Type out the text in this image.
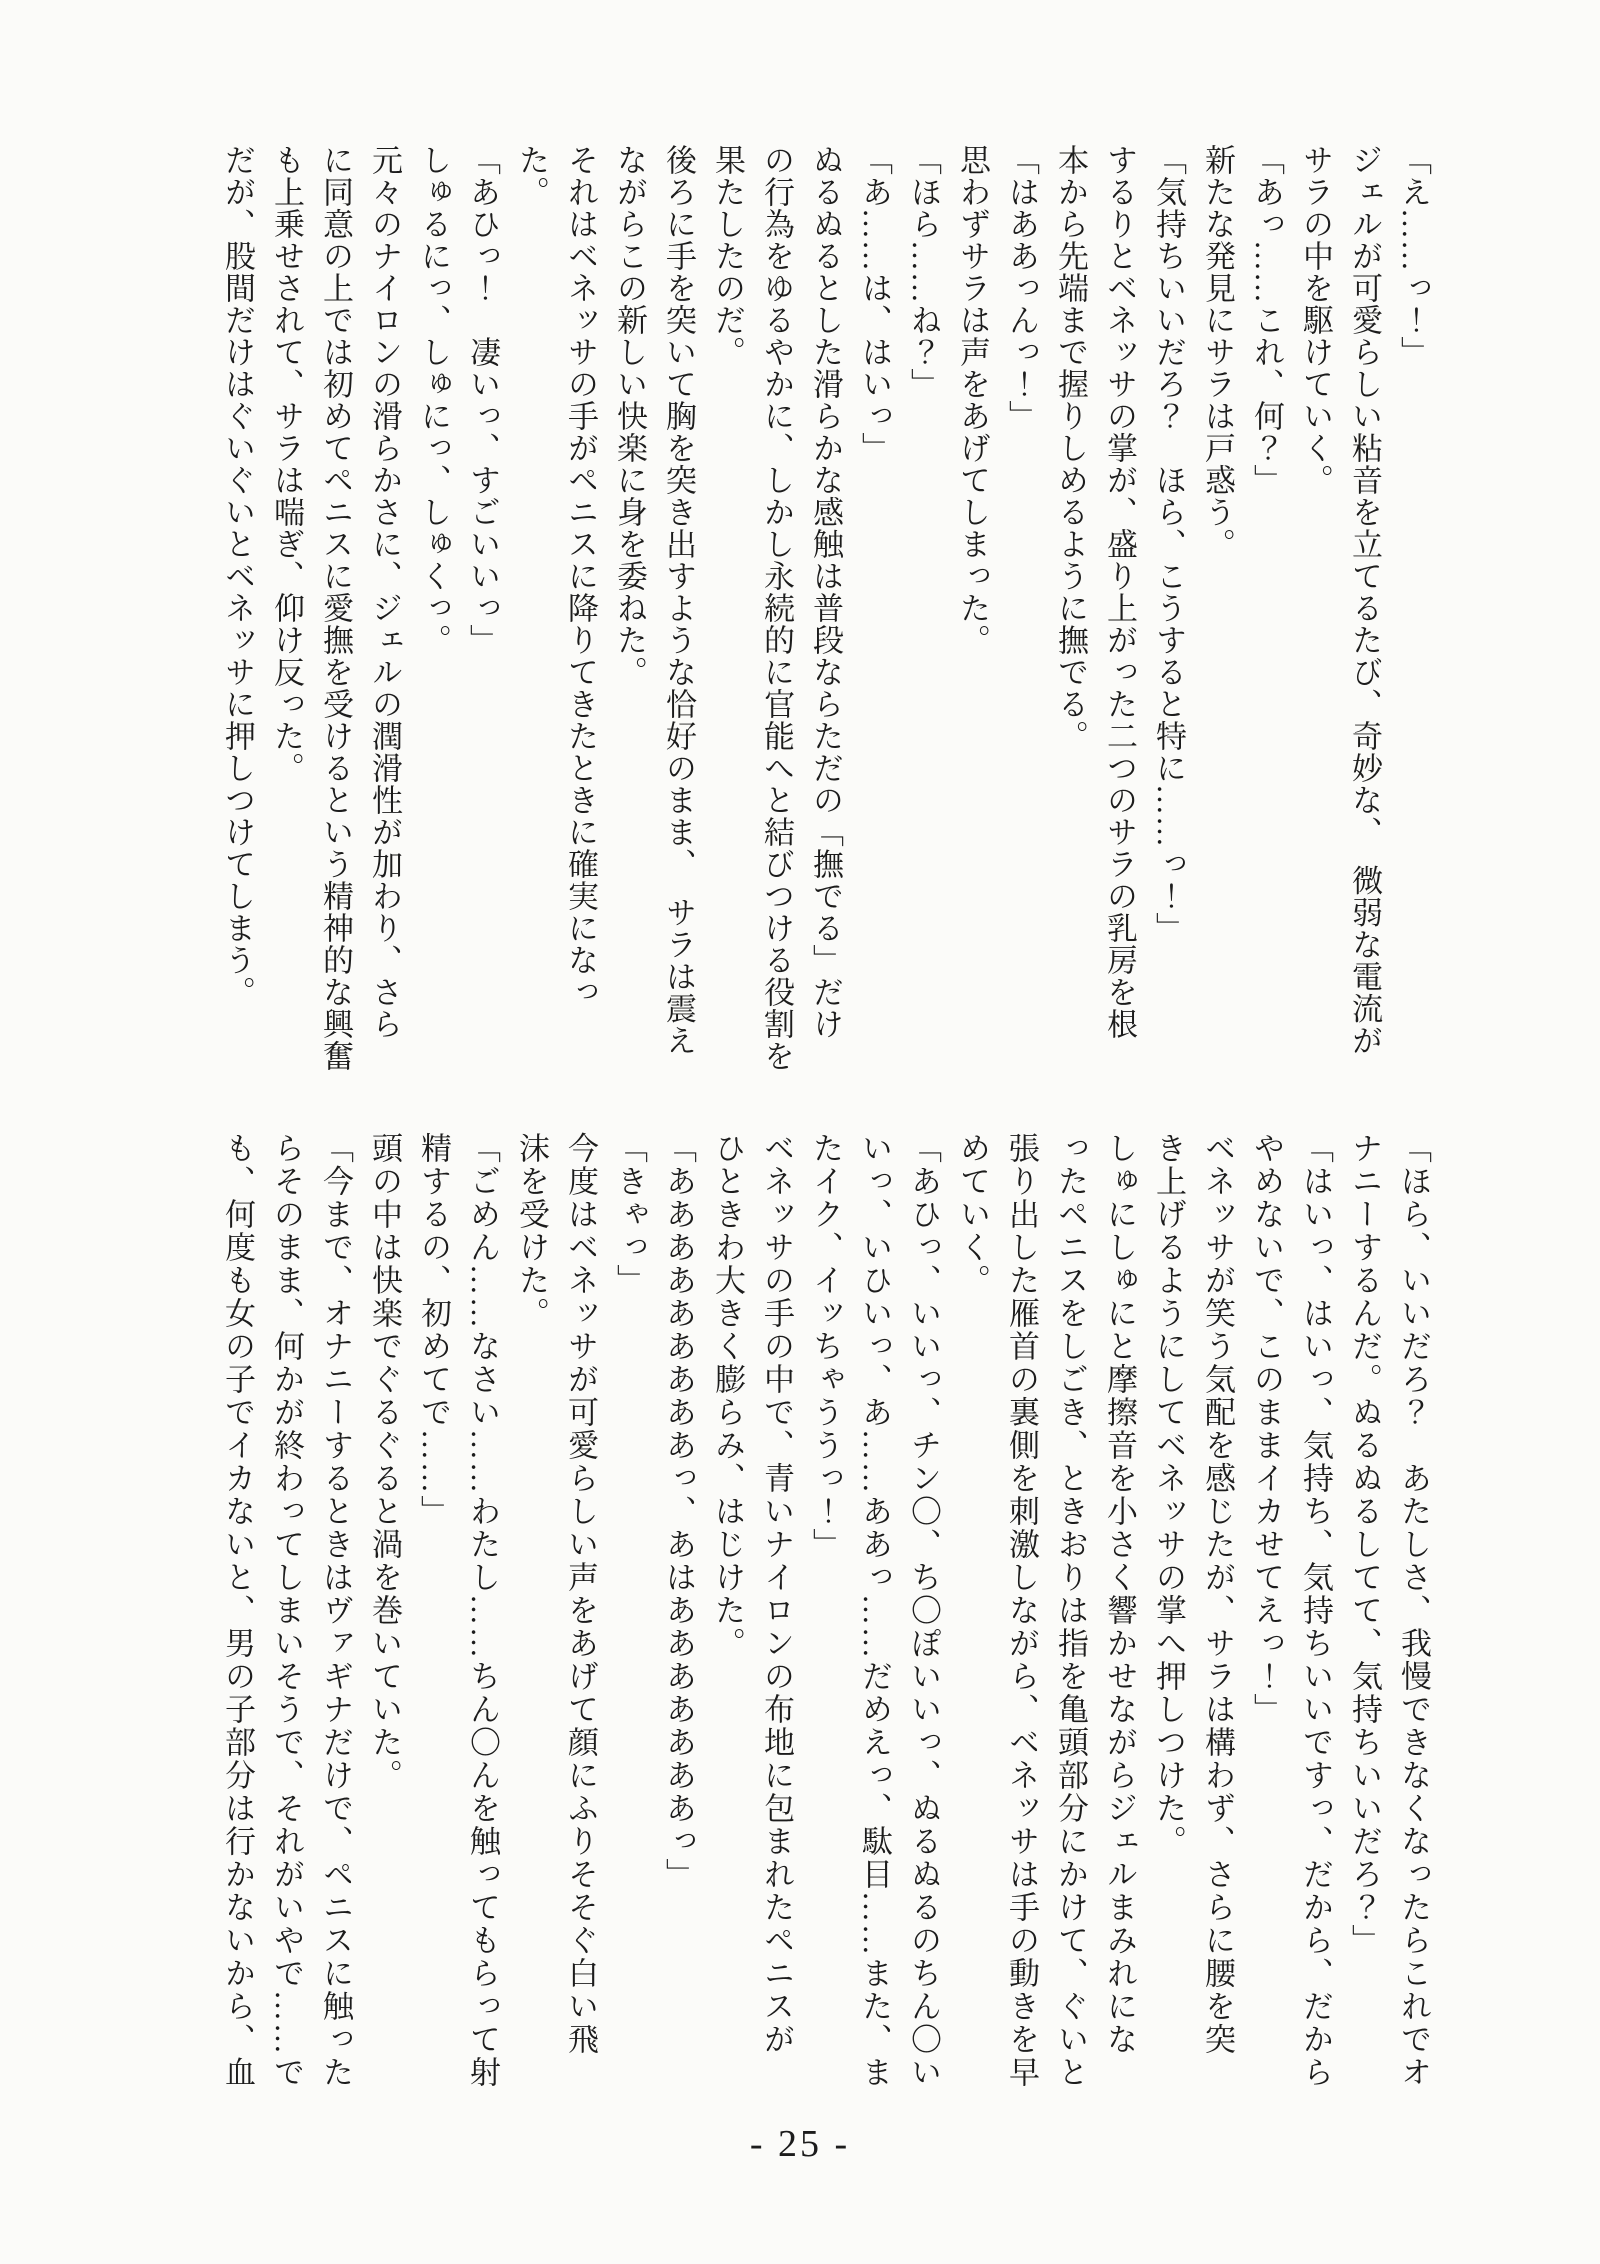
「え……っ！」
ジェルが可愛らしい粘音を立てるたび、奇妙な、　微弱な電流が
サラの中を駆けていく。
「あっ……これ、何？」
新たな発見にサラは戸惑う。
「気持ちいいだろ？　ほら、こうすると特に……っ！」
するりとベネッサの掌が、盛り上がった二つのサラの乳房を根
本から先端まで握りしめるように撫でる。
「はああっんっ！」
思わずサラは声をあげてしまった。
「ほら……ね？」
「あ……は、はいっ」
ぬるぬるとした滑らかな感触は普段ならただの「撫でる」だけ
の行為をゆるやかに、しかし永続的に官能へと結びつける役割を
果たしたのだ。
後ろに手を突いて胸を突き出すような恰好のまま、　サラは震え
ながらこの新しい快楽に身を委ねた。
それはベネッサの手がペニスに降りてきたときに確実になっ
た。
「あひっ！　凄いっ、すごいいっ」
しゅるにっ、しゅにっ、しゅくっ。
元々のナイロンの滑らかさに、ジェルの潤滑性が加わり、さら
に同意の上では初めてペニスに愛撫を受けるという精神的な興奮
も上乗せされて、サラは喘ぎ、仰け反った。
だが、股間だけはぐいぐいとベネッサに押しつけてしまう。
「ほら、いいだろ？　あたしさ、我慢できなくなったらこれでオ
ナニーするんだ。ぬるぬるしてて、気持ちいいだろ？」
「はいっ、はいっ、気持ち、気持ちいいですっ、だから、だから
やめないで、このままイカせてえっ！」
ベネッサが笑う気配を感じたが、サラは構わず、さらに腰を突
き上げるようにしてベネッサの掌へ押しつけた。
しゅにしゅにと摩擦音を小さく響かせながらジェルまみれにな
ったペニスをしごき、ときおりは指を亀頭部分にかけて、ぐいと
張り出した雁首の裏側を刺激しながら、ベネッサは手の動きを早
めていく。
「あひっ、いいっ、チン〇、ち〇ぽいいっ、ぬるぬるのちん〇い
いっ、いひいっ、あ……ああっ……だめえっ、駄目……また、ま
たイク、イッちゃううっ！」
ベネッサの手の中で、青いナイロンの布地に包まれたペニスが
ひときわ大きく膨らみ、はじけた。
「あああああああああっ、あはあああああああっ」
「きゃっ」
今度はベネッサが可愛らしい声をあげて顔にふりそそぐ白い飛
沫を受けた。
「ごめん……なさい……わたし……ちん〇んを触ってもらって射
精するの、初めてで……」
頭の中は快楽でぐるぐると渦を巻いていた。
「今まで、オナニーするときはヴァギナだけで、ペニスに触った
らそのまま、何かが終わってしまいそうで、それがいやで……で
も、何度も女の子でイカないと、男の子部分は行かないから、血
- 25 -
